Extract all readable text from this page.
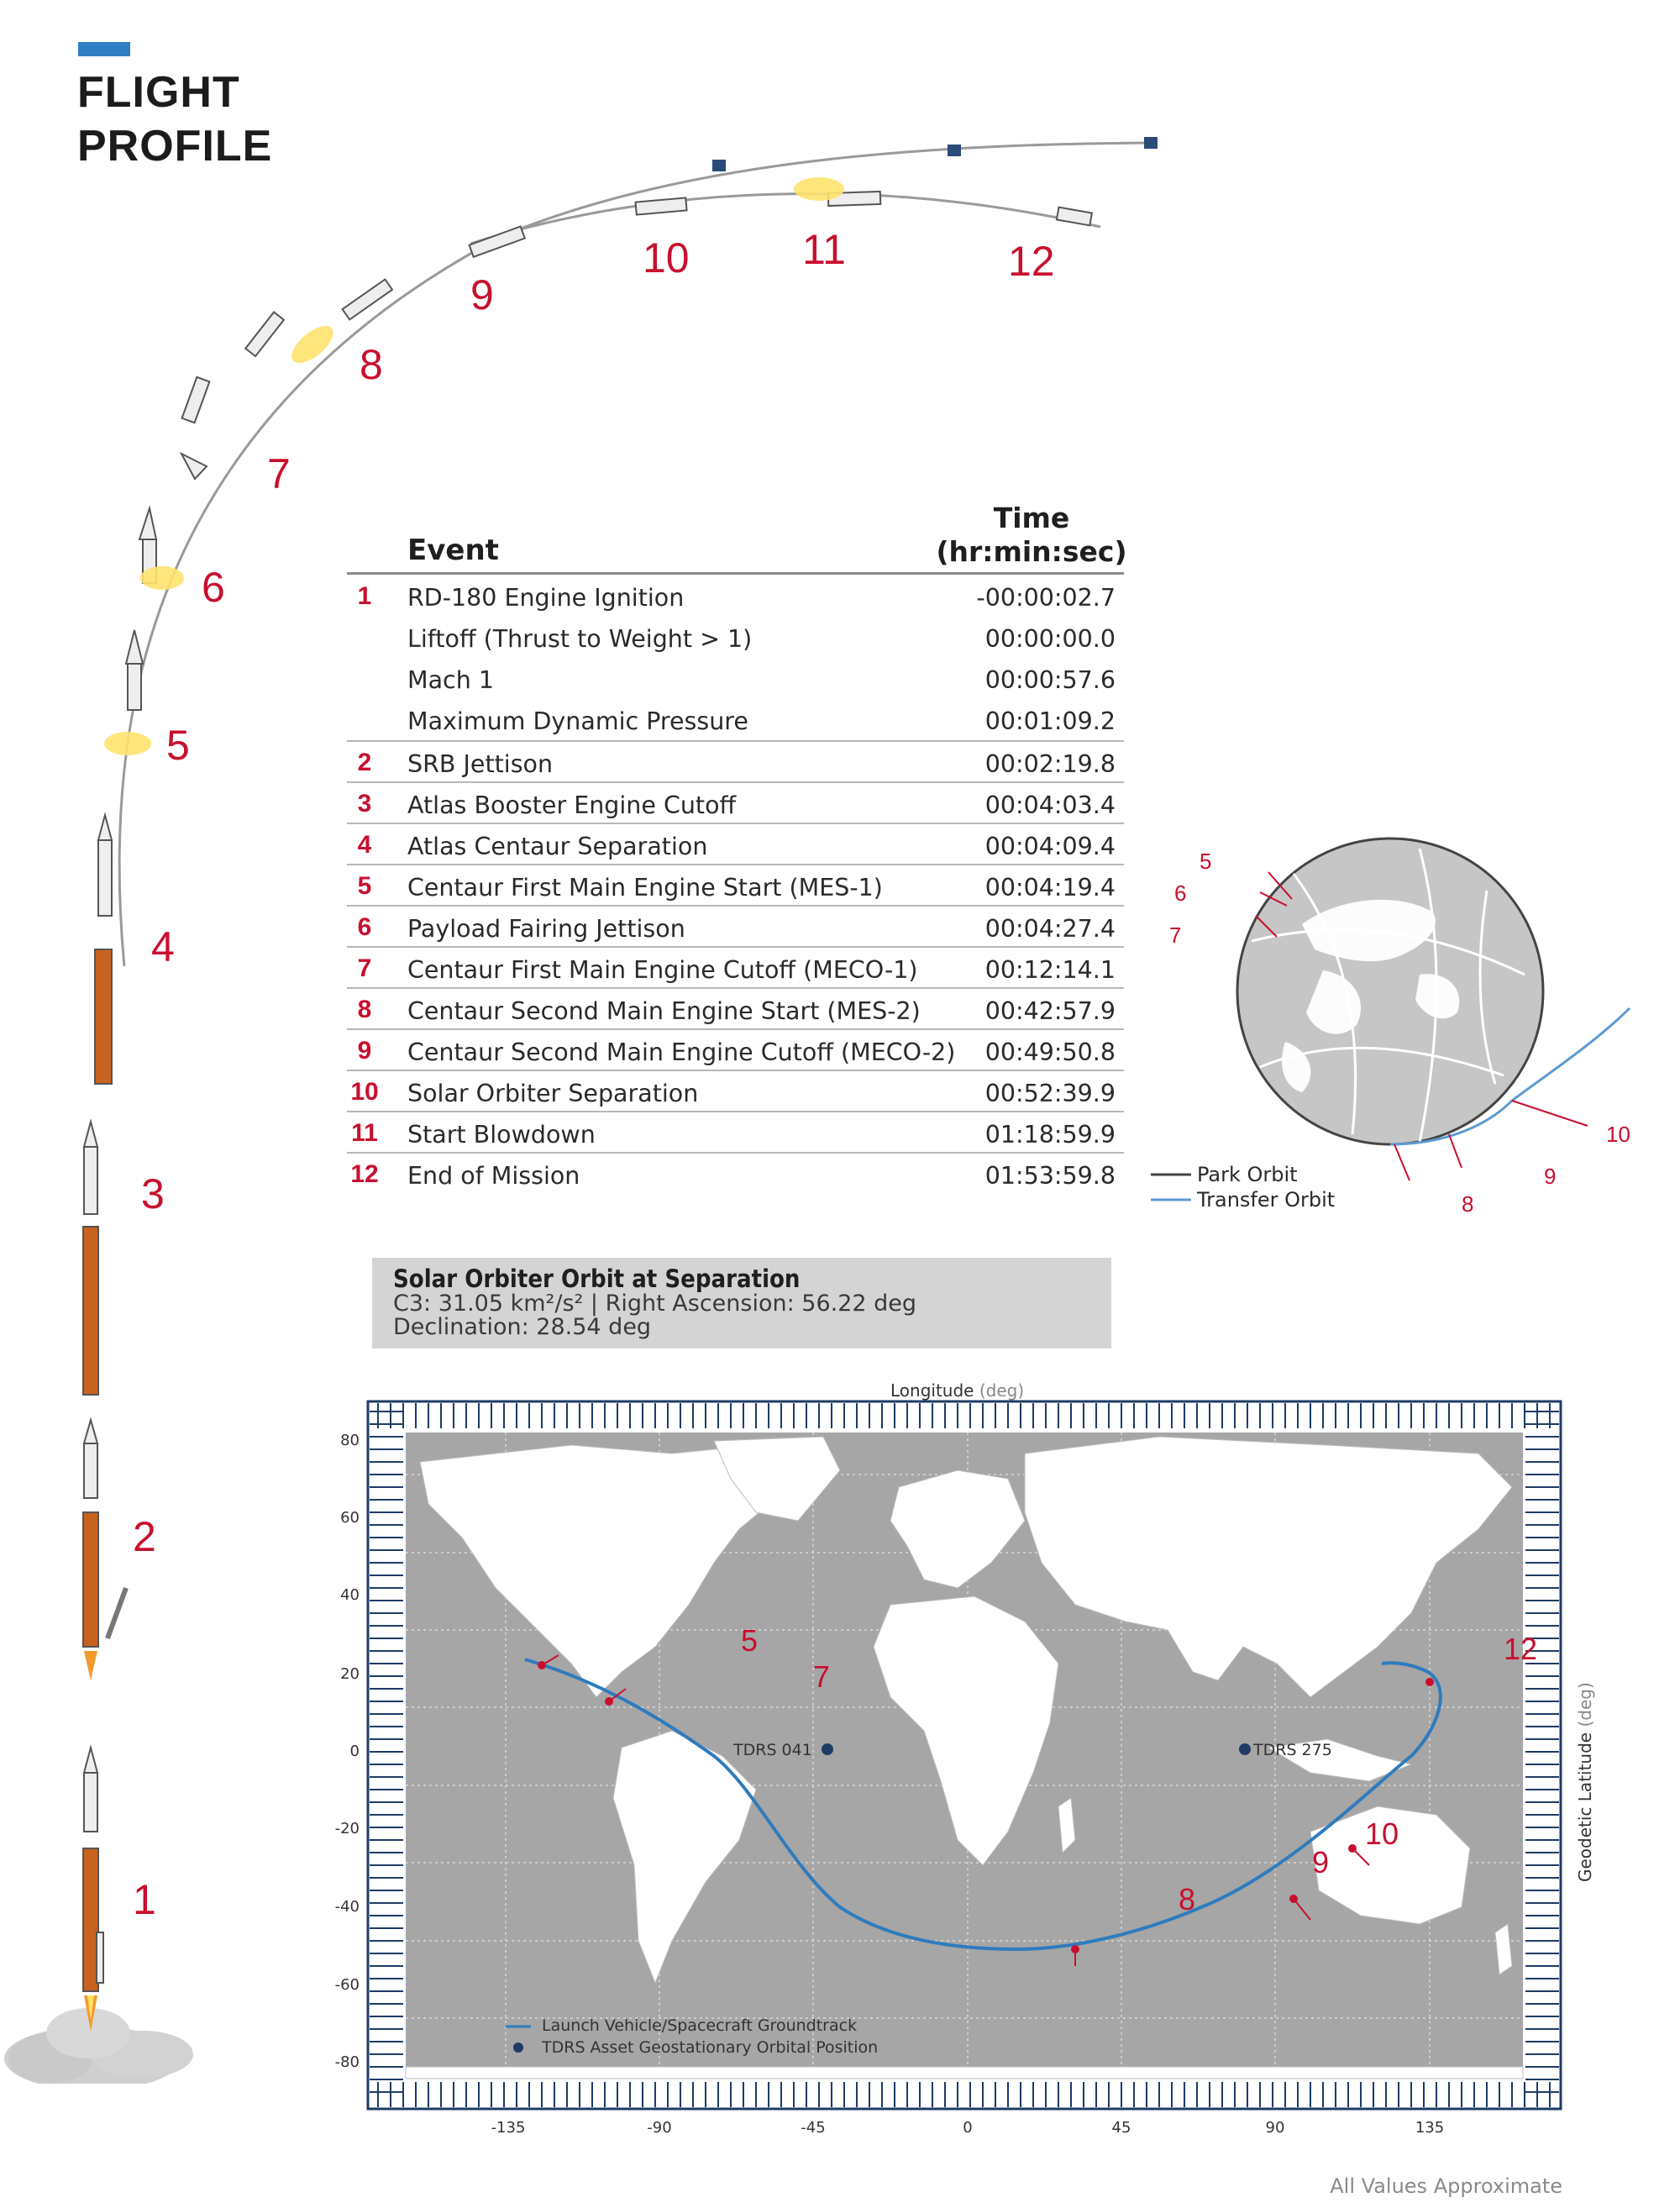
FLIGHT
PROFILE
1
2
3
4
5
6
7
8
9
10	11	12
Event
Time
(hr:min:sec)
1	RD-180 Engine Ignition	-00:00:02.7
Liftoff (Thrust to Weight > 1)	00:00:00.0
Mach 1	00:00:57.6
Maximum Dynamic Pressure	00:01:09.2
2	SRB Jettison	00:02:19.8
3	Atlas Booster Engine Cutoff	00:04:03.4
4	Atlas Centaur Separation	00:04:09.4
5	Centaur First Main Engine Start (MES-1)	00:04:19.4
6	Payload Fairing Jettison	00:04:27.4
7	Centaur First Main Engine Cutoff (MECO-1)	00:12:14.1
8	Centaur Second Main Engine Start (MES-2)	00:42:57.9
9	Centaur Second Main Engine Cutoff (MECO-2) 00:49:50.8
10 Solar Orbiter Separation	00:52:39.9
11 Start Blowdown	01:18:59.9
12 End of Mission	01:53:59.8
5
6
7
8
9
10
Park Orbit
Transfer Orbit
Solar Orbiter Orbit at Separation
C3: 31.05 km²/s² | Right Ascension: 56.22 deg
Declination: 28.54 deg
Longitude (deg)
Geodetic Latitude (deg)
80
60
40
20
0
-20
-40
-60
-80
-135	-90	-45	0	45	90	135
TDRS 041	TDRS 275
5
7
8
9
10
12
Launch Vehicle/Spacecraft Groundtrack
TDRS Asset Geostationary Orbital Position
All Values Approximate
